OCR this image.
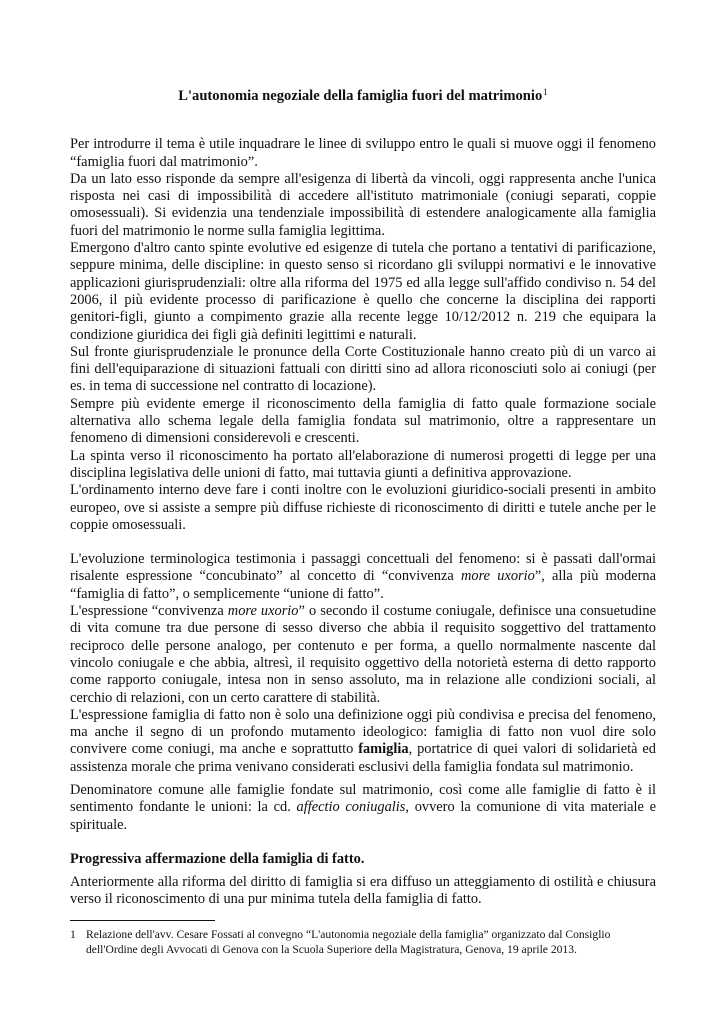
L'autonomia negoziale della famiglia fuori del matrimonio$^1$

Per introdurre il tema è utile inquadrare le linee di sviluppo entro le quali si muove oggi il fenomeno “famiglia fuori dal matrimonio”.

Da un lato esso risponde da sempre all'esigenza di libertà da vincoli, oggi rappresenta anche l'unica risposta nei casi di impossibilità di accedere all'istituto matrimoniale (coniugi separati, coppie omosessuali). Si evidenzia una tendenziale impossibilità di estendere analogicamente alla famiglia fuori del matrimonio le norme sulla famiglia legittima.

Emergono d'altro canto spinte evolutive ed esigenze di tutela che portano a tentativi di parificazione, seppure minima, delle discipline: in questo senso si ricordano gli sviluppi normativi e le innovative applicazioni giurisprudenziali: oltre alla riforma del 1975 ed alla legge sull'affido condiviso n. 54 del 2006, il più evidente processo di parificazione è quello che concerne la disciplina dei rapporti genitori-figli, giunto a compimento grazie alla recente legge 10/12/2012 n. 219 che equipara la condizione giuridica dei figli già definiti legittimi e naturali.

Sul fronte giurisprudenziale le pronunce della Corte Costituzionale hanno creato più di un varco ai fini dell'equiparazione di situazioni fattuali con diritti sino ad allora riconosciuti solo ai coniugi (per es. in tema di successione nel contratto di locazione).

Sempre più evidente emerge il riconoscimento della famiglia di fatto quale formazione sociale alternativa allo schema legale della famiglia fondata sul matrimonio, oltre a rappresentare un fenomeno di dimensioni considerevoli e crescenti.

La spinta verso il riconoscimento ha portato all'elaborazione di numerosi progetti di legge per una disciplina legislativa delle unioni di fatto, mai tuttavia giunti a definitiva approvazione.

L'ordinamento interno deve fare i conti inoltre con le evoluzioni giuridico-sociali presenti in ambito europeo, ove si assiste a sempre più diffuse richieste di riconoscimento di diritti e tutele anche per le coppie omosessuali.

L'evoluzione terminologica testimonia i passaggi concettuali del fenomeno: si è passati dall'ormai risalente espressione “concubinato” al concetto di “convivenza more uxorio”, alla più moderna “famiglia di fatto”, o semplicemente “unione di fatto”.

L'espressione “convivenza more uxorio” o secondo il costume coniugale, definisce una consuetudine di vita comune tra due persone di sesso diverso che abbia il requisito soggettivo del trattamento reciproco delle persone analogo, per contenuto e per forma, a quello normalmente nascente dal vincolo coniugale e che abbia, altresì, il requisito oggettivo della notorietà esterna di detto rapporto come rapporto coniugale, intesa non in senso assoluto, ma in relazione alle condizioni sociali, al cerchio di relazioni, con un certo carattere di stabilità.

L'espressione famiglia di fatto non è solo una definizione oggi più condivisa e precisa del fenomeno, ma anche il segno di un profondo mutamento ideologico: famiglia di fatto non vuol dire solo convivere come coniugi, ma anche e soprattutto famiglia, portatrice di quei valori di solidarietà ed assistenza morale che prima venivano considerati esclusivi della famiglia fondata sul matrimonio.

Denominatore comune alle famiglie fondate sul matrimonio, così come alle famiglie di fatto è il sentimento fondante le unioni: la cd. affectio coniugalis, ovvero la comunione di vita materiale e spirituale.

Progressiva affermazione della famiglia di fatto.

Anteriormente alla riforma del diritto di famiglia si era diffuso un atteggiamento di ostilità e chiusura verso il riconoscimento di una pur minima tutela della famiglia di fatto.

1 Relazione dell'avv. Cesare Fossati al convegno “L'autonomia negoziale della famiglia” organizzato dal Consiglio dell'Ordine degli Avvocati di Genova con la Scuola Superiore della Magistratura, Genova, 19 aprile 2013.
